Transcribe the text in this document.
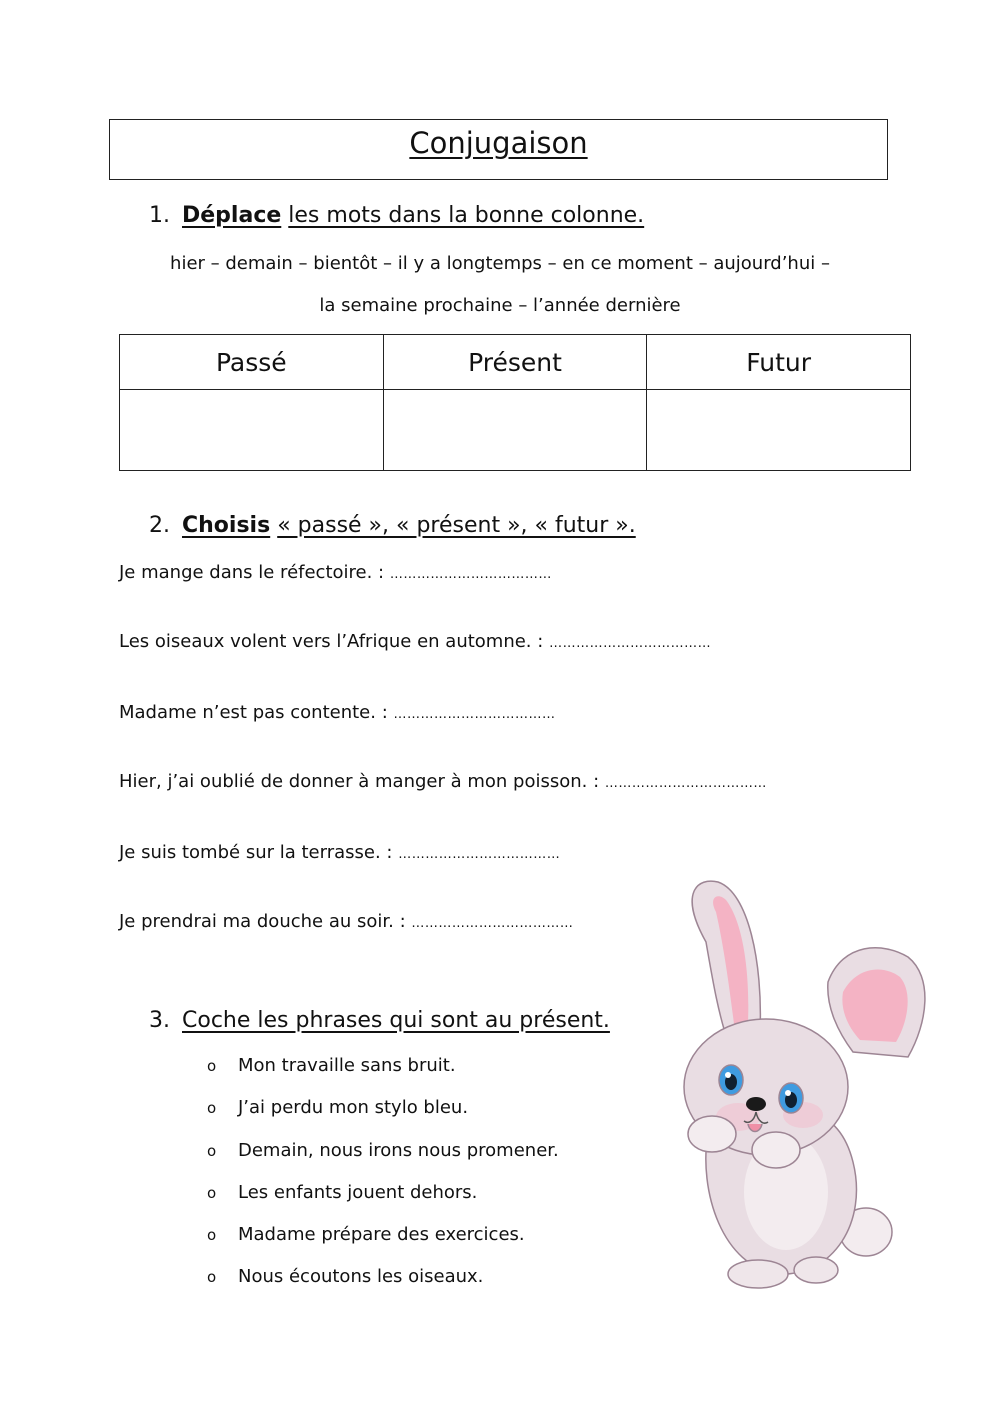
Conjugaison
1. Déplace les mots dans la bonne colonne.
hier – demain – bientôt – il y a longtemps – en ce moment – aujourd’hui –
la semaine prochaine – l’année dernière
Passé	Présent	Futur

2. Choisis « passé », « présent », « futur ».
Je mange dans le réfectoire. : ………………………………
Les oiseaux volent vers l’Afrique en automne. : ………………………………
Madame n’est pas contente. : ………………………………
Hier, j’ai oublié de donner à manger à mon poisson. : ………………………………
Je suis tombé sur la terrasse. : ………………………………
Je prendrai ma douche au soir. : ………………………………
3. Coche les phrases qui sont au présent.
o Mon travaille sans bruit.
o J’ai perdu mon stylo bleu.
o Demain, nous irons nous promener.
o Les enfants jouent dehors.
o Madame prépare des exercices.
o Nous écoutons les oiseaux.
